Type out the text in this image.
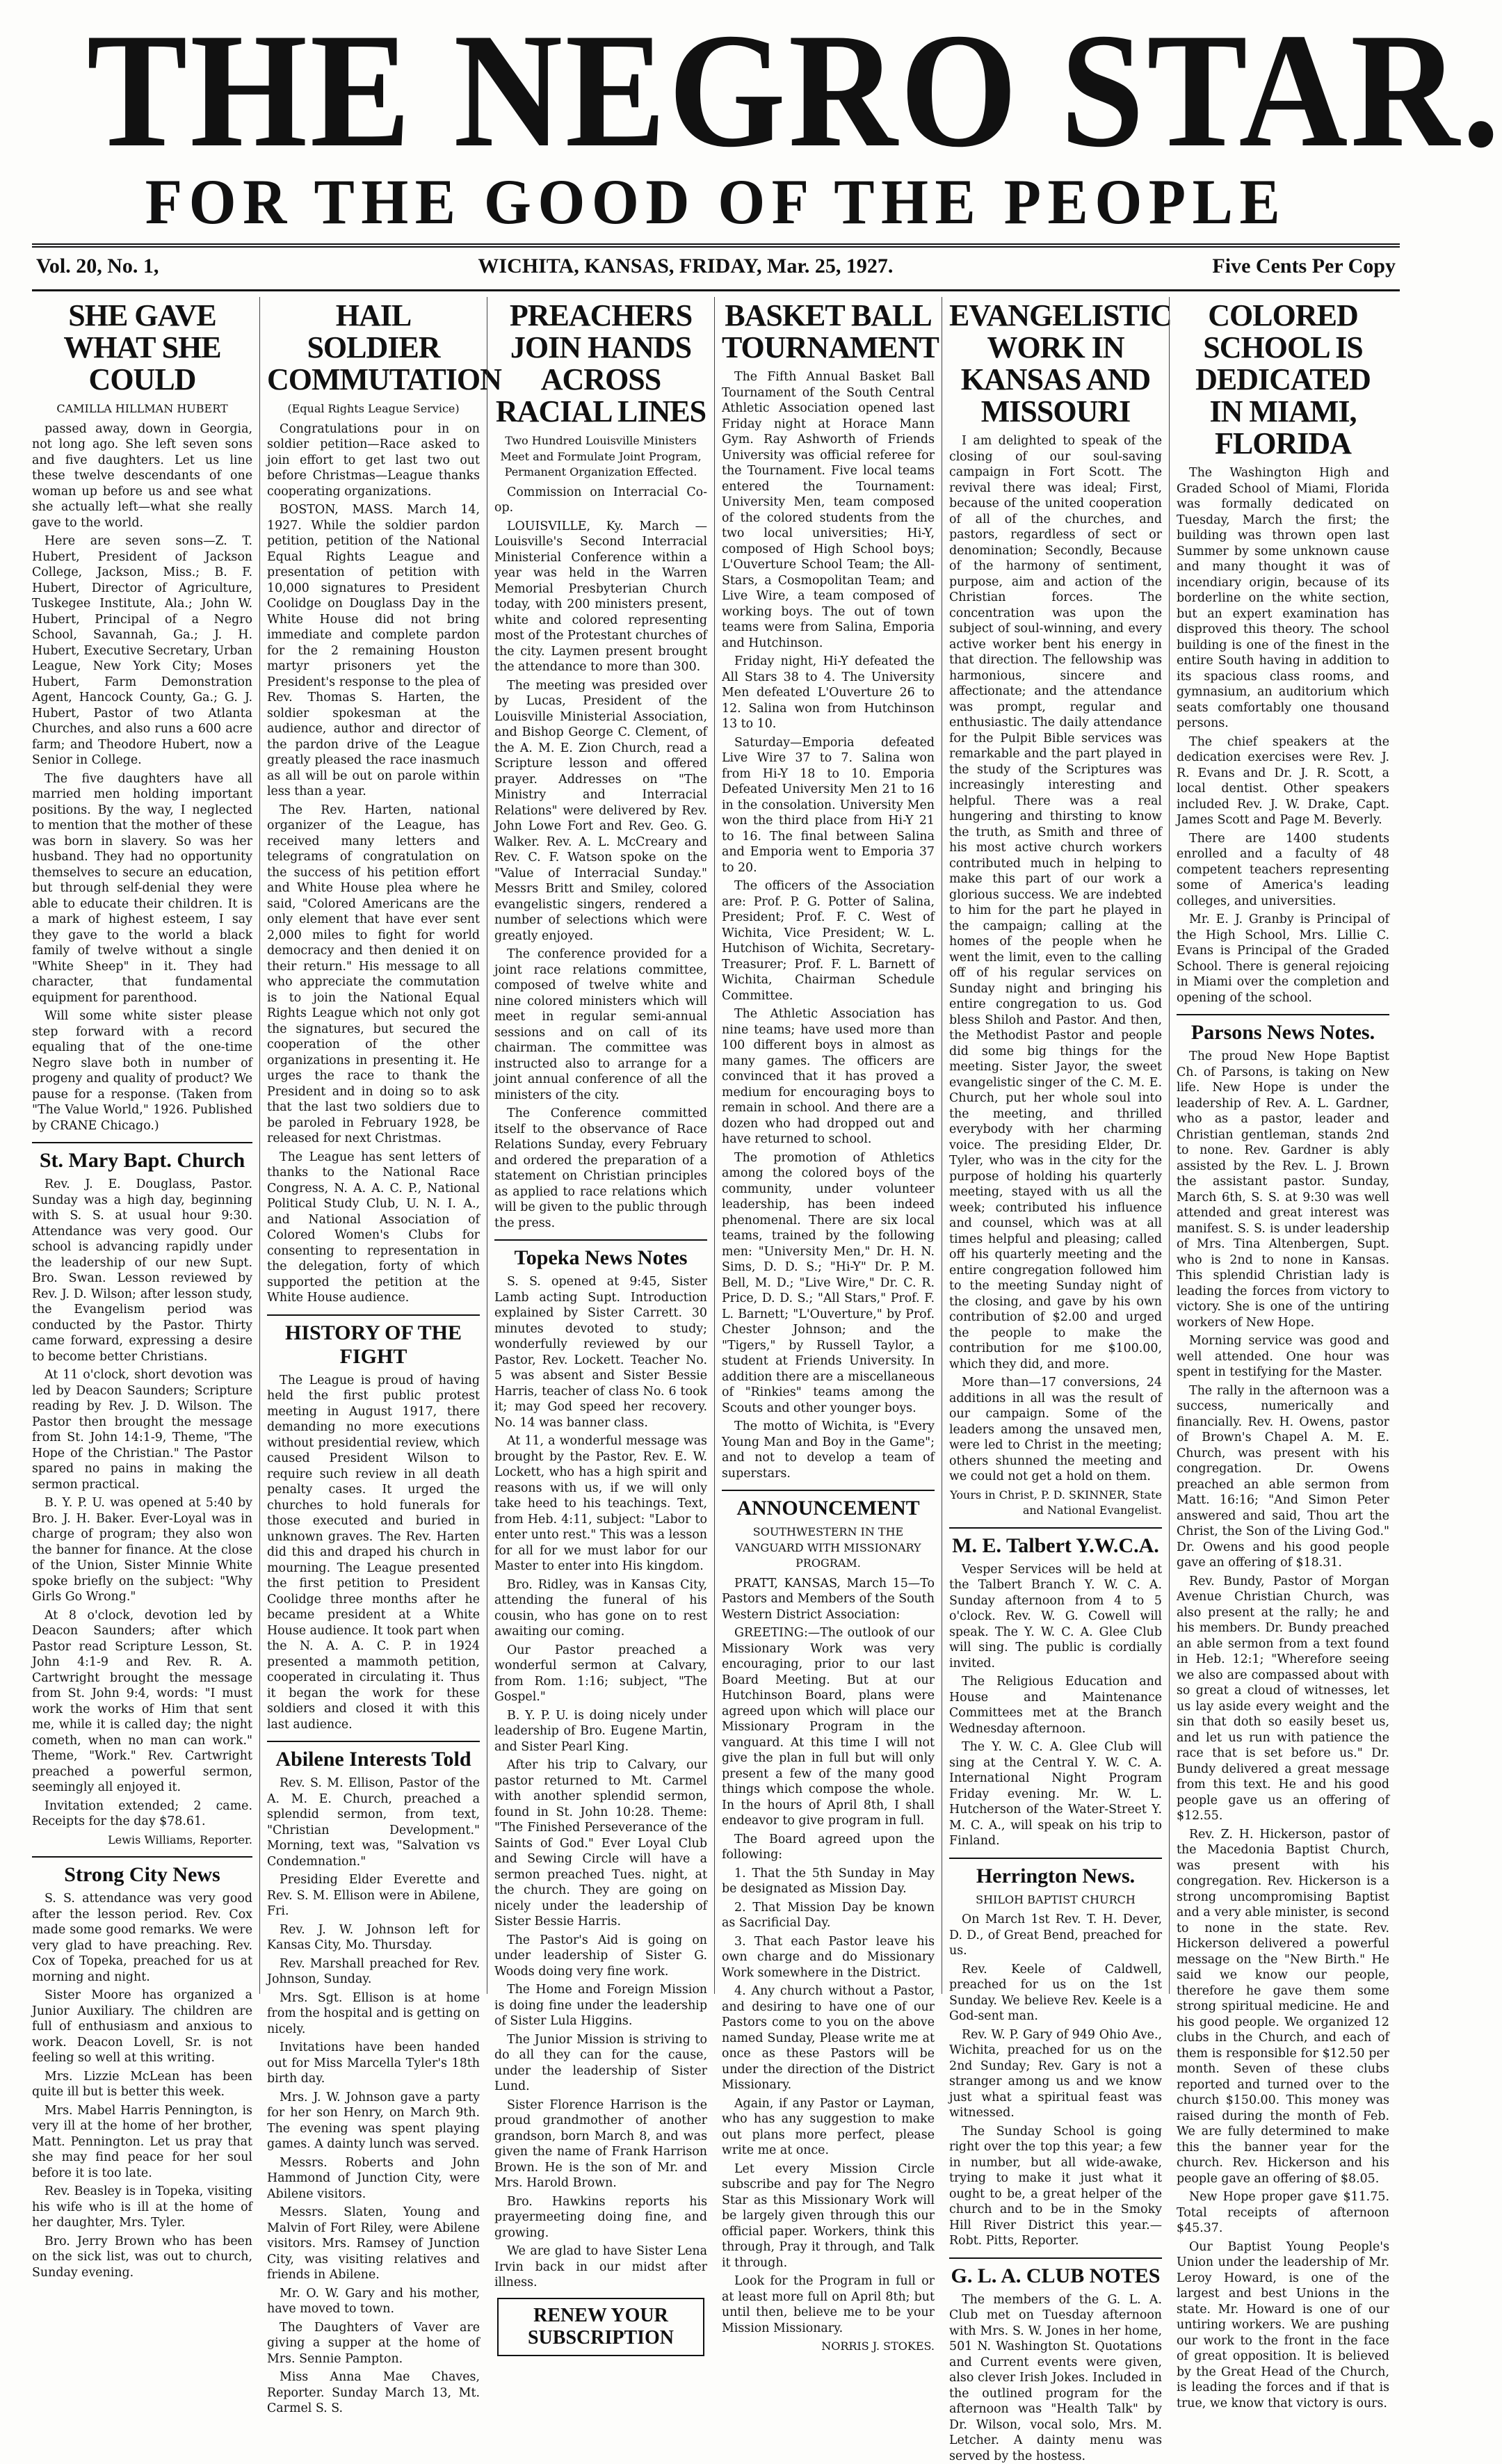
THE NEGRO STAR.
FOR THE GOOD OF THE PEOPLE
Vol. 20, No. 1,	WICHITA, KANSAS, FRIDAY, Mar. 25, 1927.	Five Cents Per Copy
SHE GAVE WHAT SHE COULD
CAMILLA HILLMAN HUBERT

passed away, down in Georgia, not long ago. She left seven sons and five daughters. Let us line these twelve descendants of one woman up before us and see what she actually left—what she really gave to the world.

Here are seven sons—Z. T. Hubert, President of Jackson College, Jackson, Miss.; B. F. Hubert, Director of Agriculture, Tuskegee Institute, Ala.; John W. Hubert, Principal of a Negro School, Savannah, Ga.; J. H. Hubert, Executive Secretary, Urban League, New York City; Moses Hubert, Farm Demonstration Agent, Hancock County, Ga.; G. J. Hubert, Pastor of two Atlanta Churches, and also runs a 600 acre farm; and Theodore Hubert, now a Senior in College.

The five daughters have all married men holding important positions. By the way, I neglected to mention that the mother of these was born in slavery. So was her husband. They had no opportunity themselves to secure an education, but through self-denial they were able to educate their children. It is a mark of highest esteem, I say they gave to the world a black family of twelve without a single "White Sheep" in it. They had character, that fundamental equipment for parenthood.

Will some white sister please step forward with a record equaling that of the one-time Negro slave both in number of progeny and quality of product? We pause for a response. (Taken from "The Value World," 1926. Published by CRANE Chicago.)

St. Mary Bapt. Church

Rev. J. E. Douglass, Pastor. Sunday was a high day, beginning with S. S. at usual hour 9:30. Attendance was very good. Our school is advancing rapidly under the leadership of our new Supt. Bro. Swan. Lesson reviewed by Rev. J. D. Wilson; after lesson study, the Evangelism period was conducted by the Pastor. Thirty came forward, expressing a desire to become better Christians.

At 11 o'clock, short devotion was led by Deacon Saunders; Scripture reading by Rev. J. D. Wilson. The Pastor then brought the message from St. John 14:1-9, Theme, "The Hope of the Christian." The Pastor spared no pains in making the sermon practical.

B. Y. P. U. was opened at 5:40 by Bro. J. H. Baker. Ever-Loyal was in charge of program; they also won the banner for finance. At the close of the Union, Sister Minnie White spoke briefly on the subject: "Why Girls Go Wrong."

At 8 o'clock, devotion led by Deacon Saunders; after which Pastor read Scripture Lesson, St. John 4:1-9 and Rev. R. A. Cartwright brought the message from St. John 9:4, words: "I must work the works of Him that sent me, while it is called day; the night cometh, when no man can work." Theme, "Work." Rev. Cartwright preached a powerful sermon, seemingly all enjoyed it.

Invitation extended; 2 came. Receipts for the day $78.61.

Lewis Williams, Reporter.
Strong City News

S. S. attendance was very good after the lesson period. Rev. Cox made some good remarks. We were very glad to have preaching. Rev. Cox of Topeka, preached for us at morning and night.

Sister Moore has organized a Junior Auxiliary. The children are full of enthusiasm and anxious to work. Deacon Lovell, Sr. is not feeling so well at this writing.

Mrs. Lizzie McLean has been quite ill but is better this week.

Mrs. Mabel Harris Pennington, is very ill at the home of her brother, Matt. Pennington. Let us pray that she may find peace for her soul before it is too late.

Rev. Beasley is in Topeka, visiting his wife who is ill at the home of her daughter, Mrs. Tyler.

Bro. Jerry Brown who has been on the sick list, was out to church, Sunday evening.

HAIL SOLDIER COMMUTATION
(Equal Rights League Service)

Congratulations pour in on soldier petition—Race asked to join effort to get last two out before Christmas—League thanks cooperating organizations.

BOSTON, MASS. March 14, 1927. While the soldier pardon petition, petition of the National Equal Rights League and presentation of petition with 10,000 signatures to President Coolidge on Douglass Day in the White House did not bring immediate and complete pardon for the 2 remaining Houston martyr prisoners yet the President's response to the plea of Rev. Thomas S. Harten, the soldier spokesman at the audience, author and director of the pardon drive of the League greatly pleased the race inasmuch as all will be out on parole within less than a year.

The Rev. Harten, national organizer of the League, has received many letters and telegrams of congratulation on the success of his petition effort and White House plea where he said, "Colored Americans are the only element that have ever sent 2,000 miles to fight for world democracy and then denied it on their return." His message to all who appreciate the commutation is to join the National Equal Rights League which not only got the signatures, but secured the cooperation of the other organizations in presenting it. He urges the race to thank the President and in doing so to ask that the last two soldiers due to be paroled in February 1928, be released for next Christmas.

The League has sent letters of thanks to the National Race Congress, N. A. A. C. P., National Political Study Club, U. N. I. A., and National Association of Colored Women's Clubs for consenting to representation in the delegation, forty of which supported the petition at the White House audience.

HISTORY OF THE FIGHT

The League is proud of having held the first public protest meeting in August 1917, there demanding no more executions without presidential review, which caused President Wilson to require such review in all death penalty cases. It urged the churches to hold funerals for those executed and buried in unknown graves. The Rev. Harten did this and draped his church in mourning. The League presented the first petition to President Coolidge three months after he became president at a White House audience. It took part when the N. A. A. C. P. in 1924 presented a mammoth petition, cooperated in circulating it. Thus it began the work for these soldiers and closed it with this last audience.

Abilene Interests Told

Rev. S. M. Ellison, Pastor of the A. M. E. Church, preached a splendid sermon, from text, "Christian Development." Morning, text was, "Salvation vs Condemnation."

Presiding Elder Everette and Rev. S. M. Ellison were in Abilene, Fri.

Rev. J. W. Johnson left for Kansas City, Mo. Thursday.

Rev. Marshall preached for Rev. Johnson, Sunday.

Mrs. Sgt. Ellison is at home from the hospital and is getting on nicely.

Invitations have been handed out for Miss Marcella Tyler's 18th birth day.

Mrs. J. W. Johnson gave a party for her son Henry, on March 9th. The evening was spent playing games. A dainty lunch was served.

Messrs. Roberts and John Hammond of Junction City, were Abilene visitors.

Messrs. Slaten, Young and Malvin of Fort Riley, were Abilene visitors. Mrs. Ramsey of Junction City, was visiting relatives and friends in Abilene.

Mr. O. W. Gary and his mother, have moved to town.

The Daughters of Vaver are giving a supper at the home of Mrs. Sennie Pampton.

Miss Anna Mae Chaves, Reporter. Sunday March 13, Mt. Carmel S. S.

PREACHERS JOIN HANDS ACROSS RACIAL LINES
Two Hundred Louisville Ministers Meet and Formulate Joint Program, Permanent Organization Effected.

Commission on Interracial Co-op.

LOUISVILLE, Ky. March — Louisville's Second Interracial Ministerial Conference within a year was held in the Warren Memorial Presbyterian Church today, with 200 ministers present, white and colored representing most of the Protestant churches of the city. Laymen present brought the attendance to more than 300.

The meeting was presided over by Lucas, President of the Louisville Ministerial Association, and Bishop George C. Clement, of the A. M. E. Zion Church, read a Scripture lesson and offered prayer. Addresses on "The Ministry and Interracial Relations" were delivered by Rev. John Lowe Fort and Rev. Geo. G. Walker. Rev. A. L. McCreary and Rev. C. F. Watson spoke on the "Value of Interracial Sunday." Messrs Britt and Smiley, colored evangelistic singers, rendered a number of selections which were greatly enjoyed.

The conference provided for a joint race relations committee, composed of twelve white and nine colored ministers which will meet in regular semi-annual sessions and on call of its chairman. The committee was instructed also to arrange for a joint annual conference of all the ministers of the city.

The Conference committed itself to the observance of Race Relations Sunday, every February and ordered the preparation of a statement on Christian principles as applied to race relations which will be given to the public through the press.

Topeka News Notes

S. S. opened at 9:45, Sister Lamb acting Supt. Introduction explained by Sister Carrett. 30 minutes devoted to study; wonderfully reviewed by our Pastor, Rev. Lockett. Teacher No. 5 was absent and Sister Bessie Harris, teacher of class No. 6 took it; may God speed her recovery. No. 14 was banner class.

At 11, a wonderful message was brought by the Pastor, Rev. E. W. Lockett, who has a high spirit and reasons with us, if we will only take heed to his teachings. Text, from Heb. 4:11, subject: "Labor to enter unto rest." This was a lesson for all for we must labor for our Master to enter into His kingdom.

Bro. Ridley, was in Kansas City, attending the funeral of his cousin, who has gone on to rest awaiting our coming.

Our Pastor preached a wonderful sermon at Calvary, from Rom. 1:16; subject, "The Gospel."

B. Y. P. U. is doing nicely under leadership of Bro. Eugene Martin, and Sister Pearl King.

After his trip to Calvary, our pastor returned to Mt. Carmel with another splendid sermon, found in St. John 10:28. Theme: "The Finished Perseverance of the Saints of God." Ever Loyal Club and Sewing Circle will have a sermon preached Tues. night, at the church. They are going on nicely under the leadership of Sister Bessie Harris.

The Pastor's Aid is going on under leadership of Sister G. Woods doing very fine work.

The Home and Foreign Mission is doing fine under the leadership of Sister Lula Higgins.

The Junior Mission is striving to do all they can for the cause, under the leadership of Sister Lund.

Sister Florence Harrison is the proud grandmother of another grandson, born March 8, and was given the name of Frank Harrison Brown. He is the son of Mr. and Mrs. Harold Brown.

Bro. Hawkins reports his prayermeeting doing fine, and growing.

We are glad to have Sister Lena Irvin back in our midst after illness.

RENEW YOUR SUBSCRIPTION
BASKET BALL TOURNAMENT

The Fifth Annual Basket Ball Tournament of the South Central Athletic Association opened last Friday night at Horace Mann Gym. Ray Ashworth of Friends University was official referee for the Tournament. Five local teams entered the Tournament: University Men, team composed of the colored students from the two local universities; Hi-Y, composed of High School boys; L'Ouverture School Team; the All-Stars, a Cosmopolitan Team; and Live Wire, a team composed of working boys. The out of town teams were from Salina, Emporia and Hutchinson.

Friday night, Hi-Y defeated the All Stars 38 to 4. The University Men defeated L'Ouverture 26 to 12. Salina won from Hutchinson 13 to 10.

Saturday—Emporia defeated Live Wire 37 to 7. Salina won from Hi-Y 18 to 10. Emporia Defeated University Men 21 to 16 in the consolation. University Men won the third place from Hi-Y 21 to 16. The final between Salina and Emporia went to Emporia 37 to 20.

The officers of the Association are: Prof. P. G. Potter of Salina, President; Prof. F. C. West of Wichita, Vice President; W. L. Hutchison of Wichita, Secretary-Treasurer; Prof. F. L. Barnett of Wichita, Chairman Schedule Committee.

The Athletic Association has nine teams; have used more than 100 different boys in almost as many games. The officers are convinced that it has proved a medium for encouraging boys to remain in school. And there are a dozen who had dropped out and have returned to school.

The promotion of Athletics among the colored boys of the community, under volunteer leadership, has been indeed phenomenal. There are six local teams, trained by the following men: "University Men," Dr. H. N. Sims, D. D. S.; "Hi-Y" Dr. P. M. Bell, M. D.; "Live Wire," Dr. C. R. Price, D. D. S.; "All Stars," Prof. F. L. Barnett; "L'Ouverture," by Prof. Chester Johnson; and the "Tigers," by Russell Taylor, a student at Friends University. In addition there are a miscellaneous of "Rinkies" teams among the Scouts and other younger boys.

The motto of Wichita, is "Every Young Man and Boy in the Game"; and not to develop a team of superstars.

ANNOUNCEMENT
SOUTHWESTERN IN THE VANGUARD WITH MISSIONARY PROGRAM.

PRATT, KANSAS, March 15—To Pastors and Members of the South Western District Association:

GREETING:—The outlook of our Missionary Work was very encouraging, prior to our last Board Meeting. But at our Hutchinson Board, plans were agreed upon which will place our Missionary Program in the vanguard. At this time I will not give the plan in full but will only present a few of the many good things which compose the whole. In the hours of April 8th, I shall endeavor to give program in full.

The Board agreed upon the following:

1. That the 5th Sunday in May be designated as Mission Day.

2. That Mission Day be known as Sacrificial Day.

3. That each Pastor leave his own charge and do Missionary Work somewhere in the District.

4. Any church without a Pastor, and desiring to have one of our Pastors come to you on the above named Sunday, Please write me at once as these Pastors will be under the direction of the District Missionary.

Again, if any Pastor or Layman, who has any suggestion to make out plans more perfect, please write me at once.

Let every Mission Circle subscribe and pay for The Negro Star as this Missionary Work will be largely given through this our official paper. Workers, think this through, Pray it through, and Talk it through.

Look for the Program in full or at least more full on April 8th; but until then, believe me to be your Mission Missionary.

NORRIS J. STOKES.
EVANGELISTIC WORK IN KANSAS AND MISSOURI

I am delighted to speak of the closing of our soul-saving campaign in Fort Scott. The revival there was ideal; First, because of the united cooperation of all of the churches, and pastors, regardless of sect or denomination; Secondly, Because of the harmony of sentiment, purpose, aim and action of the Christian forces. The concentration was upon the subject of soul-winning, and every active worker bent his energy in that direction. The fellowship was harmonious, sincere and affectionate; and the attendance was prompt, regular and enthusiastic. The daily attendance for the Pulpit Bible services was remarkable and the part played in the study of the Scriptures was increasingly interesting and helpful. There was a real hungering and thirsting to know the truth, as Smith and three of his most active church workers contributed much in helping to make this part of our work a glorious success. We are indebted to him for the part he played in the campaign; calling at the homes of the people when he went the limit, even to the calling off of his regular services on Sunday night and bringing his entire congregation to us. God bless Shiloh and Pastor. And then, the Methodist Pastor and people did some big things for the meeting. Sister Jayor, the sweet evangelistic singer of the C. M. E. Church, put her whole soul into the meeting, and thrilled everybody with her charming voice. The presiding Elder, Dr. Tyler, who was in the city for the purpose of holding his quarterly meeting, stayed with us all the week; contributed his influence and counsel, which was at all times helpful and pleasing; called off his quarterly meeting and the entire congregation followed him to the meeting Sunday night of the closing, and gave by his own contribution of $2.00 and urged the people to make the contribution for me $100.00, which they did, and more.

More than—17 conversions, 24 additions in all was the result of our campaign. Some of the leaders among the unsaved men, were led to Christ in the meeting; others shunned the meeting and we could not get a hold on them.

Yours in Christ, P. D. SKINNER, State and National Evangelist.
M. E. Talbert Y.W.C.A.

Vesper Services will be held at the Talbert Branch Y. W. C. A. Sunday afternoon from 4 to 5 o'clock. Rev. W. G. Cowell will speak. The Y. W. C. A. Glee Club will sing. The public is cordially invited.

The Religious Education and House and Maintenance Committees met at the Branch Wednesday afternoon.

The Y. W. C. A. Glee Club will sing at the Central Y. W. C. A. International Night Program Friday evening. Mr. W. L. Hutcherson of the Water-Street Y. M. C. A., will speak on his trip to Finland.

Herrington News.
SHILOH BAPTIST CHURCH

On March 1st Rev. T. H. Dever, D. D., of Great Bend, preached for us.

Rev. Keele of Caldwell, preached for us on the 1st Sunday. We believe Rev. Keele is a God-sent man.

Rev. W. P. Gary of 949 Ohio Ave., Wichita, preached for us on the 2nd Sunday; Rev. Gary is not a stranger among us and we know just what a spiritual feast was witnessed.

The Sunday School is going right over the top this year; a few in number, but all wide-awake, trying to make it just what it ought to be, a great helper of the church and to be in the Smoky Hill River District this year.—Robt. Pitts, Reporter.

G. L. A. CLUB NOTES

The members of the G. L. A. Club met on Tuesday afternoon with Mrs. S. W. Jones in her home, 501 N. Washington St. Quotations and Current events were given, also clever Irish Jokes. Included in the outlined program for the afternoon was "Health Talk" by Dr. Wilson, vocal solo, Mrs. M. Letcher. A dainty menu was served by the hostess.

COLORED SCHOOL IS DEDICATED IN MIAMI, FLORIDA

The Washington High and Graded School of Miami, Florida was formally dedicated on Tuesday, March the first; the building was thrown open last Summer by some unknown cause and many thought it was of incendiary origin, because of its borderline on the white section, but an expert examination has disproved this theory. The school building is one of the finest in the entire South having in addition to its spacious class rooms, and gymnasium, an auditorium which seats comfortably one thousand persons.

The chief speakers at the dedication exercises were Rev. J. R. Evans and Dr. J. R. Scott, a local dentist. Other speakers included Rev. J. W. Drake, Capt. James Scott and Page M. Beverly.

There are 1400 students enrolled and a faculty of 48 competent teachers representing some of America's leading colleges, and universities.

Mr. E. J. Granby is Principal of the High School, Mrs. Lillie C. Evans is Principal of the Graded School. There is general rejoicing in Miami over the completion and opening of the school.

Parsons News Notes.

The proud New Hope Baptist Ch. of Parsons, is taking on New life. New Hope is under the leadership of Rev. A. L. Gardner, who as a pastor, leader and Christian gentleman, stands 2nd to none. Rev. Gardner is ably assisted by the Rev. L. J. Brown the assistant pastor. Sunday, March 6th, S. S. at 9:30 was well attended and great interest was manifest. S. S. is under leadership of Mrs. Tina Altenbergen, Supt. who is 2nd to none in Kansas. This splendid Christian lady is leading the forces from victory to victory. She is one of the untiring workers of New Hope.

Morning service was good and well attended. One hour was spent in testifying for the Master.

The rally in the afternoon was a success, numerically and financially. Rev. H. Owens, pastor of Brown's Chapel A. M. E. Church, was present with his congregation. Dr. Owens preached an able sermon from Matt. 16:16; "And Simon Peter answered and said, Thou art the Christ, the Son of the Living God." Dr. Owens and his good people gave an offering of $18.31.

Rev. Bundy, Pastor of Morgan Avenue Christian Church, was also present at the rally; he and his members. Dr. Bundy preached an able sermon from a text found in Heb. 12:1; "Wherefore seeing we also are compassed about with so great a cloud of witnesses, let us lay aside every weight and the sin that doth so easily beset us, and let us run with patience the race that is set before us." Dr. Bundy delivered a great message from this text. He and his good people gave us an offering of $12.55.

Rev. Z. H. Hickerson, pastor of the Macedonia Baptist Church, was present with his congregation. Rev. Hickerson is a strong uncompromising Baptist and a very able minister, is second to none in the state. Rev. Hickerson delivered a powerful message on the "New Birth." He said we know our people, therefore he gave them some strong spiritual medicine. He and his good people. We organized 12 clubs in the Church, and each of them is responsible for $12.50 per month. Seven of these clubs reported and turned over to the church $150.00. This money was raised during the month of Feb. We are fully determined to make this the banner year for the church. Rev. Hickerson and his people gave an offering of $8.05.

New Hope proper gave $11.75. Total receipts of afternoon $45.37.

Our Baptist Young People's Union under the leadership of Mr. Leroy Howard, is one of the largest and best Unions in the state. Mr. Howard is one of our untiring workers. We are pushing our work to the front in the face of great opposition. It is believed by the Great Head of the Church, is leading the forces and if that is true, we know that victory is ours.
